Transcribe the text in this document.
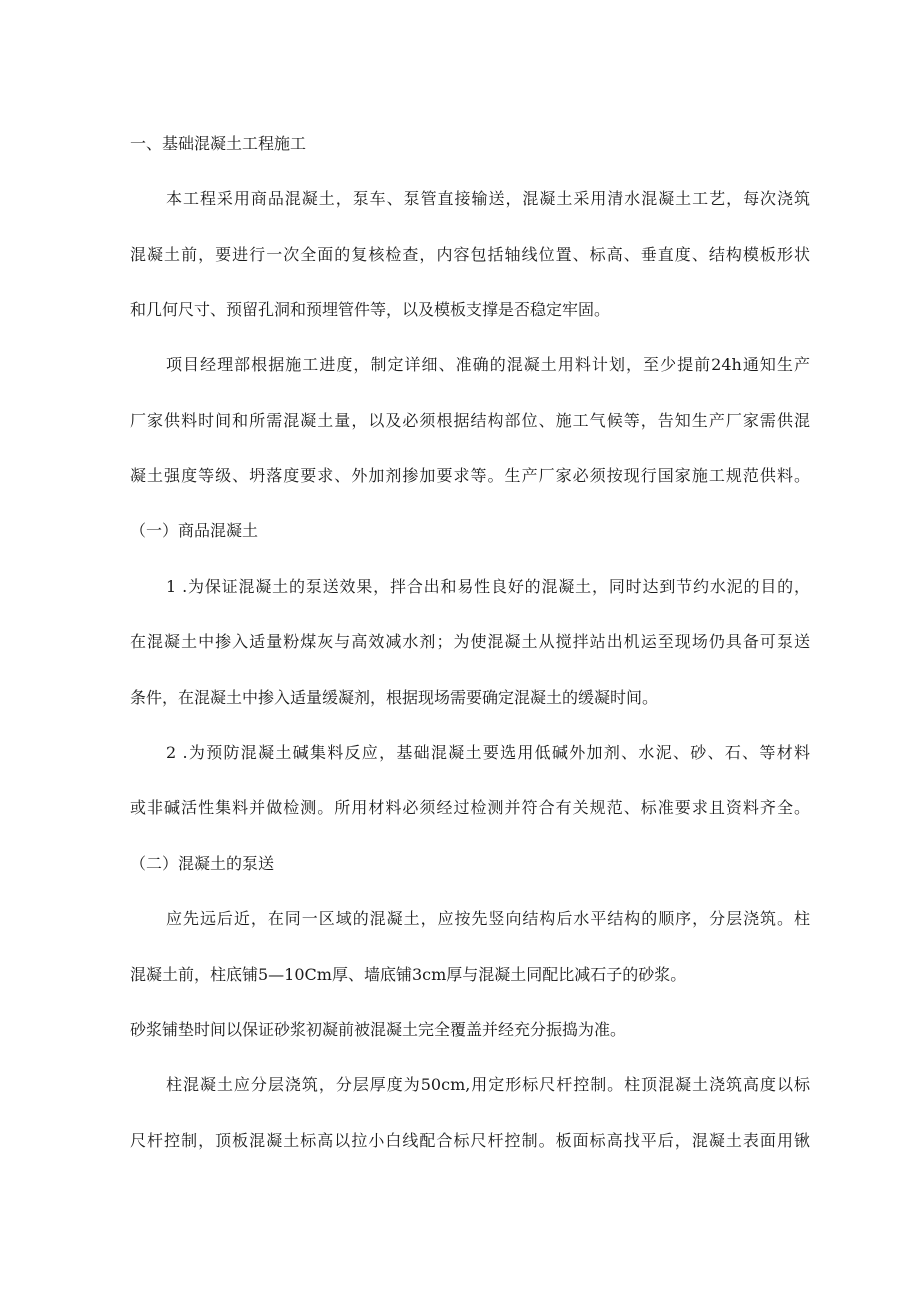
一、基础混凝土工程施工
本工程采用商品混凝土，泵车、泵管直接输送，混凝土采用清水混凝土工艺，每次浇筑
混凝土前，要进行一次全面的复核检查，内容包括轴线位置、标高、垂直度、结构模板形状
和几何尺寸、预留孔洞和预埋管件等，以及模板支撑是否稳定牢固。
项目经理部根据施工进度，制定详细、准确的混凝土用料计划，至少提前24h通知生产
厂家供料时间和所需混凝土量，以及必须根据结构部位、施工气候等，告知生产厂家需供混
凝土强度等级、坍落度要求、外加剂掺加要求等。生产厂家必须按现行国家施工规范供料。
（一）商品混凝土
1 .为保证混凝土的泵送效果，拌合出和易性良好的混凝土，同时达到节约水泥的目的，
在混凝土中掺入适量粉煤灰与高效减水剂；为使混凝土从搅拌站出机运至现场仍具备可泵送
条件，在混凝土中掺入适量缓凝剂，根据现场需要确定混凝土的缓凝时间。
2 .为预防混凝土碱集料反应，基础混凝土要选用低碱外加剂、水泥、砂、石、等材料
或非碱活性集料并做检测。所用材料必须经过检测并符合有关规范、标准要求且资料齐全。
（二）混凝土的泵送
应先远后近，在同一区域的混凝土，应按先竖向结构后水平结构的顺序，分层浇筑。柱
混凝土前，柱底铺5—10Cm厚、墙底铺3cm厚与混凝土同配比减石子的砂浆。
砂浆铺垫时间以保证砂浆初凝前被混凝土完全覆盖并经充分振捣为准。
柱混凝土应分层浇筑，分层厚度为50cm,用定形标尺杆控制。柱顶混凝土浇筑高度以标
尺杆控制，顶板混凝土标高以拉小白线配合标尺杆控制。板面标高找平后，混凝土表面用锹
